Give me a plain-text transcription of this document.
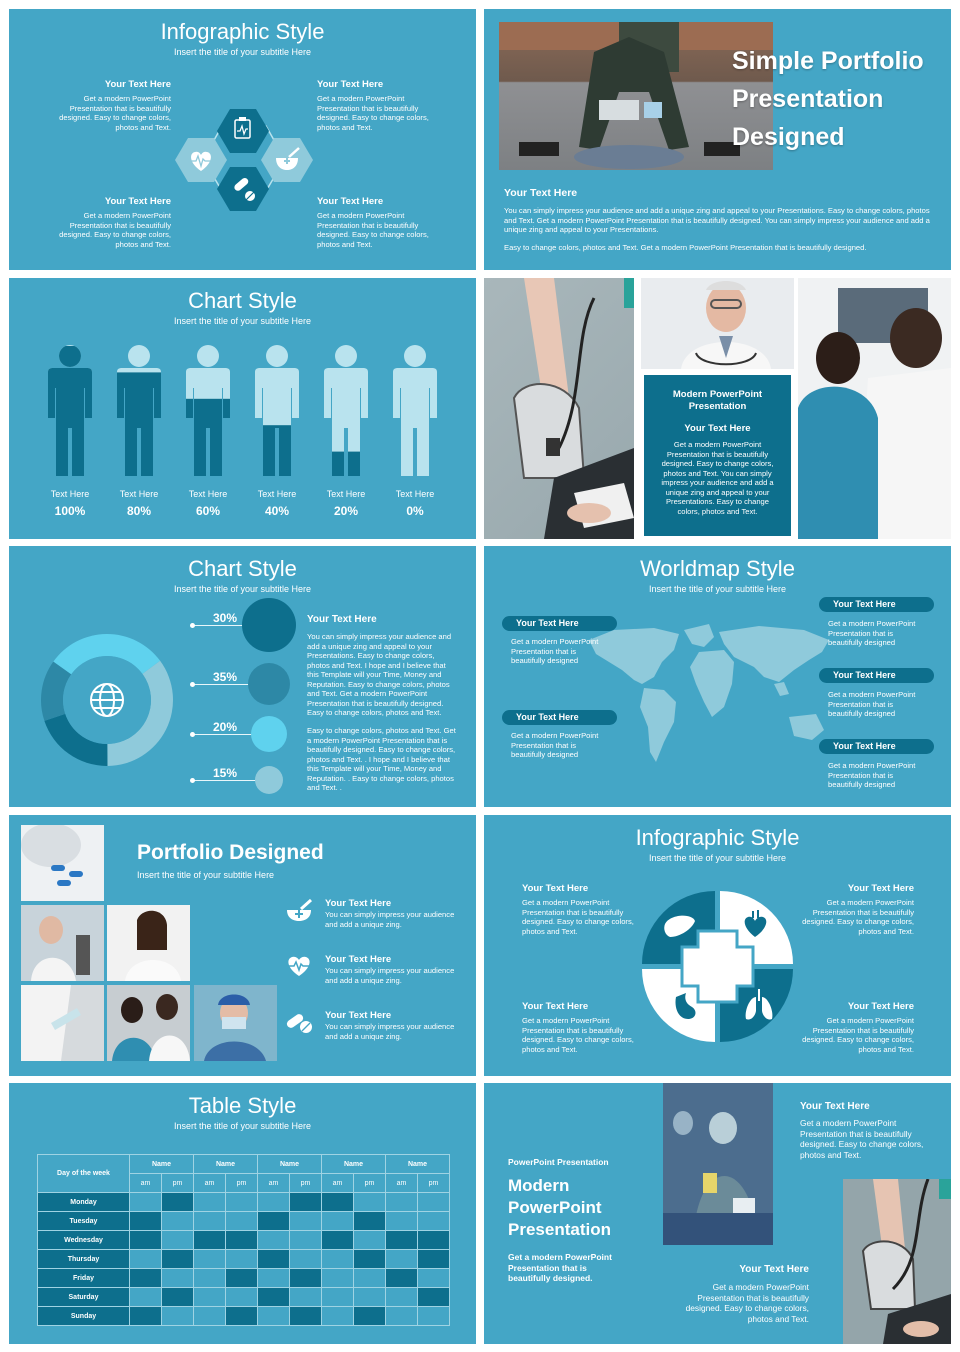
Infographic Style
Insert the title of your subtitle Here
Your Text Here
Get a modern PowerPoint Presentation that is beautifully designed. Easy to change colors, photos and Text.
Your Text Here
Get a modern PowerPoint Presentation that is beautifully designed. Easy to change colors, photos and Text.
Your Text Here
Get a modern PowerPoint Presentation that is beautifully designed. Easy to change colors, photos and Text.
Your Text Here
Get a modern PowerPoint Presentation that is beautifully designed. Easy to change colors, photos and Text.
Simple Portfolio
Presentation
Designed
Your Text Here
You can simply impress your audience and add a unique zing and appeal to your Presentations. Easy to change colors, photos and Text. Get a modern PowerPoint Presentation that is beautifully designed. You can simply impress your audience and add a unique zing and appeal to your Presentations.
Easy to change colors, photos and Text. Get a modern PowerPoint Presentation that is beautifully designed.
Chart Style
Insert the title of your subtitle Here
Text Here
100%
Text Here
80%
Text Here
60%
Text Here
40%
Text Here
20%
Text Here
0%
Modern PowerPoint
Presentation
Your Text Here
Get a modern PowerPoint Presentation that is beautifully designed. Easy to change colors, photos and Text. You can simply impress your audience and add a unique zing and appeal to your Presentations. Easy to change colors, photos and Text.
Chart Style
Insert the title of your subtitle Here
30%
35%
20%
15%
Your Text Here
You can simply impress your audience and add a unique zing and appeal to your Presentations. Easy to change colors, photos and Text. I hope and I believe that this Template will your Time, Money and Reputation. Easy to change colors, photos and Text. Get a modern PowerPoint Presentation that is beautifully designed. Easy to change colors, photos and Text.
Easy to change colors, photos and Text. Get a modern PowerPoint Presentation that is beautifully designed. Easy to change colors, photos and Text. . I hope and I believe that this Template will your Time, Money and Reputation. . Easy to change colors, photos and Text. .
Worldmap Style
Insert the title of your subtitle Here
Your Text Here
Get a modern PowerPoint Presentation that is beautifully designed
Your Text Here
Get a modern PowerPoint Presentation that is beautifully designed
Your Text Here
Get a modern PowerPoint Presentation that is beautifully designed
Your Text Here
Get a modern PowerPoint Presentation that is beautifully designed
Your Text Here
Get a modern PowerPoint Presentation that is beautifully designed
Portfolio Designed
Insert the title of your subtitle Here
Your Text Here
You can simply impress your audience and add a unique zing.
Your Text Here
You can simply impress your audience and add a unique zing.
Your Text Here
You can simply impress your audience and add a unique zing.
Infographic Style
Insert the title of your subtitle Here
Your Text Here
Get a modern PowerPoint Presentation that is beautifully designed. Easy to change colors, photos and Text.
Your Text Here
Get a modern PowerPoint Presentation that is beautifully designed. Easy to change colors, photos and Text.
Your Text Here
Get a modern PowerPoint Presentation that is beautifully designed. Easy to change colors, photos and Text.
Your Text Here
Get a modern PowerPoint Presentation that is beautifully designed. Easy to change colors, photos and Text.
Table Style
Insert the title of your subtitle Here
Day of the week	Name		Name		Name		Name		Name	
	am	pm	am	pm	am	pm	am	pm	am	pm
Monday										
Tuesday										
Wednesday										
Thursday										
Friday										
Saturday										
Sunday										
PowerPoint Presentation
Modern
PowerPoint
Presentation
Get a modern PowerPoint Presentation that is beautifully designed.
Your Text Here
Get a modern PowerPoint Presentation that is beautifully designed. Easy to change colors, photos and Text.
Your Text Here
Get a modern PowerPoint Presentation that is beautifully designed. Easy to change colors, photos and Text.
